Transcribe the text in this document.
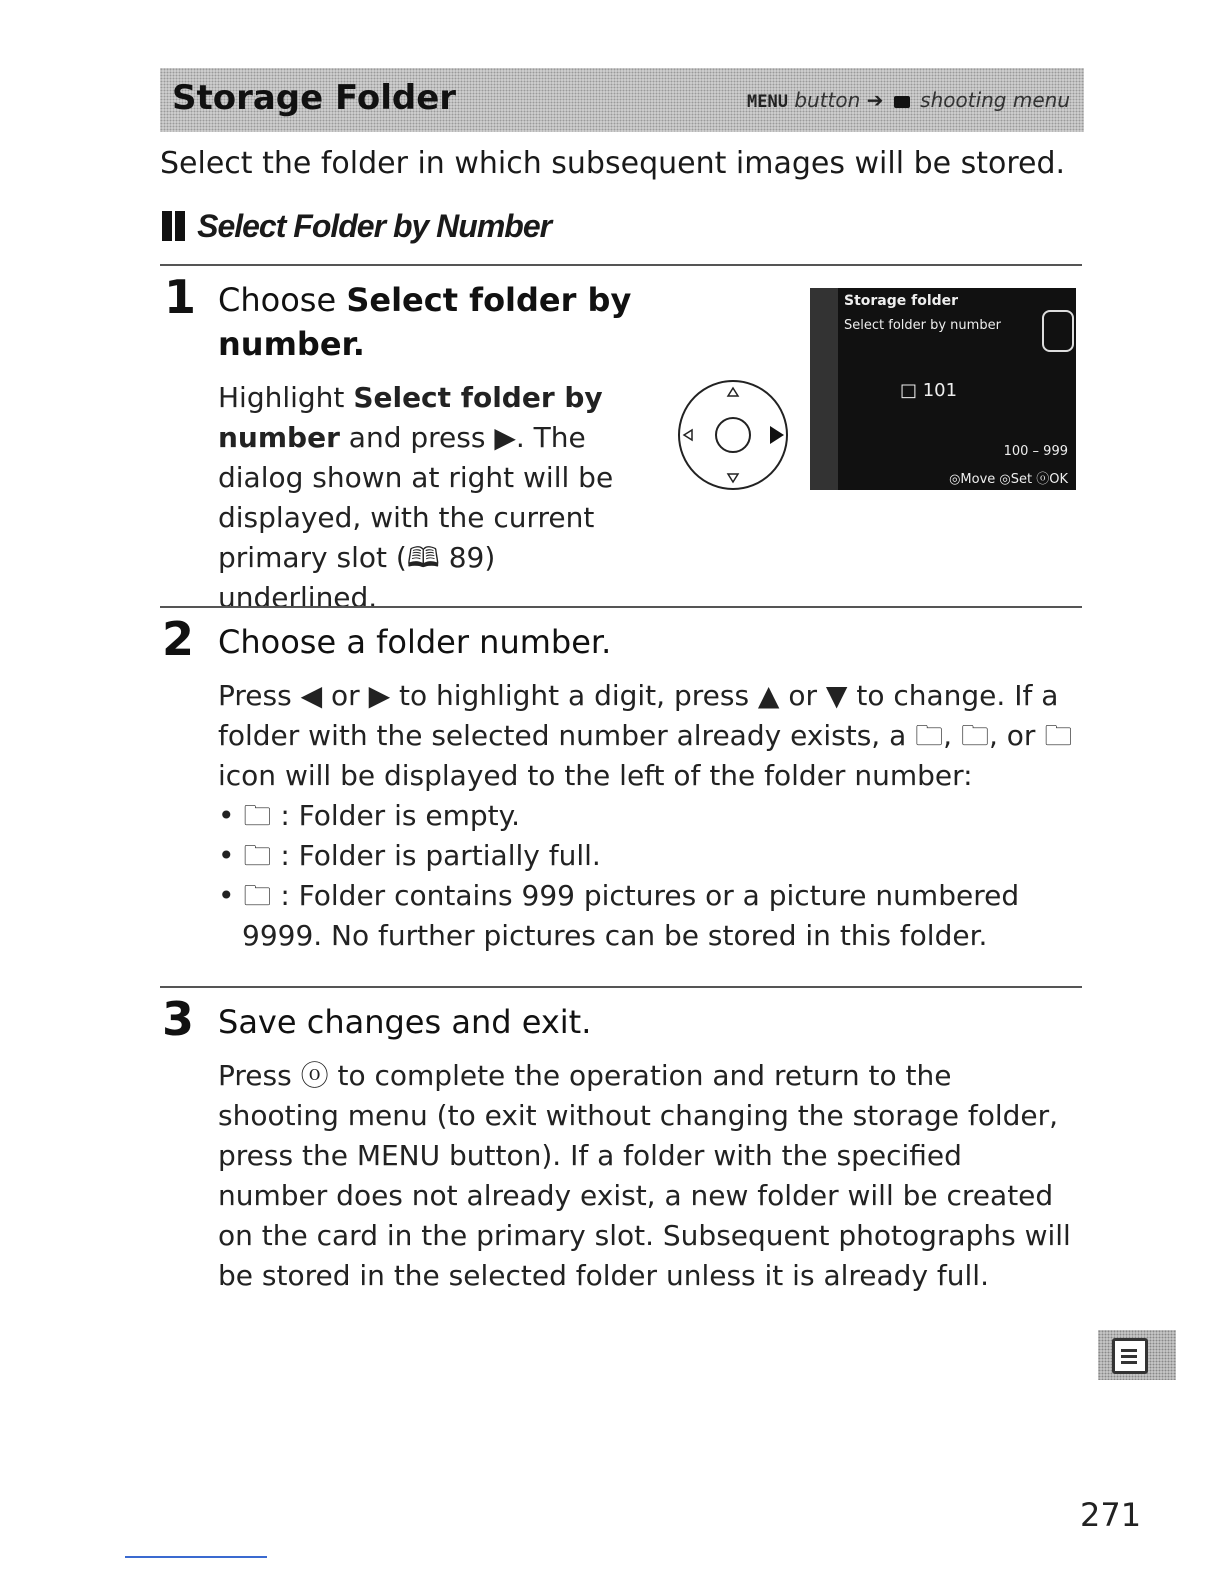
Storage Folder	MENU button ➔ shooting menu
Select the folder in which subsequent images will be stored.
Select Folder by Number
1 Choose Select folder by number.
Highlight Select folder by number and press ▶. The dialog shown at right will be displayed, with the current primary slot (🕮 89) underlined.
Storage folder
Select folder by number
□ 101
100 – 999
◎Move ◎Set ⓞOK
2 Choose a folder number.
Press ◀ or ▶ to highlight a digit, press ▲ or ▼ to change. If a folder with the selected number already exists, a 🗀, 🗀, or 🗀 icon will be displayed to the left of the folder number:
• 🗀 : Folder is empty.
• 🗀 : Folder is partially full.
• 🗀 : Folder contains 999 pictures or a picture numbered 9999. No further pictures can be stored in this folder.
3 Save changes and exit.
Press ⓞ to complete the operation and return to the shooting menu (to exit without changing the storage folder, press the MENU button). If a folder with the specified number does not already exist, a new folder will be created on the card in the primary slot. Subsequent photographs will be stored in the selected folder unless it is already full.
271
